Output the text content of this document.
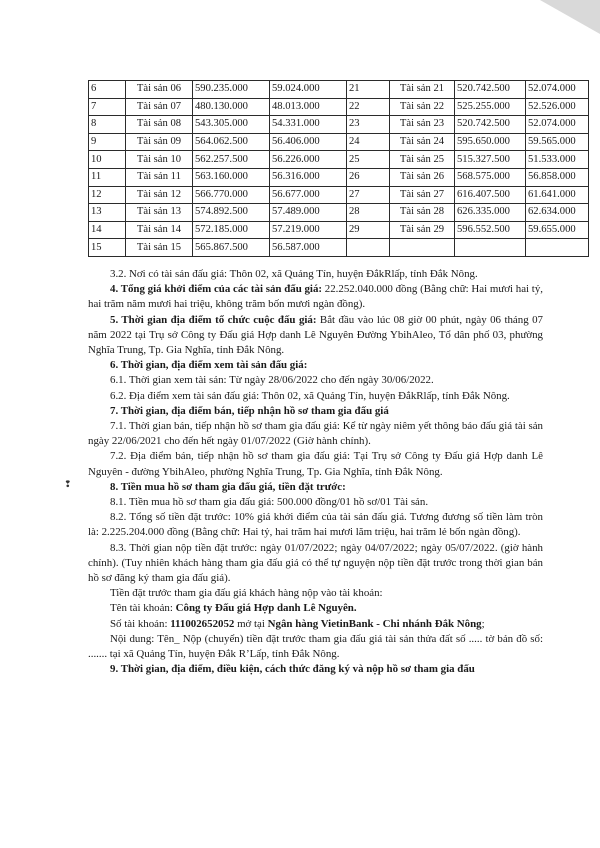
6	Tài sản 06	590.235.000	59.024.000	21	Tài sản 21	520.742.500	52.074.000
7	Tài sản 07	480.130.000	48.013.000	22	Tài sản 22	525.255.000	52.526.000
8	Tài sản 08	543.305.000	54.331.000	23	Tài sản 23	520.742.500	52.074.000
9	Tài sản 09	564.062.500	56.406.000	24	Tài sản 24	595.650.000	59.565.000
10	Tài sản 10	562.257.500	56.226.000	25	Tài sản 25	515.327.500	51.533.000
11	Tài sản 11	563.160.000	56.316.000	26	Tài sản 26	568.575.000	56.858.000
12	Tài sản 12	566.770.000	56.677.000	27	Tài sản 27	616.407.500	61.641.000
13	Tài sản 13	574.892.500	57.489.000	28	Tài sản 28	626.335.000	62.634.000
14	Tài sản 14	572.185.000	57.219.000	29	Tài sản 29	596.552.500	59.655.000
15	Tài sản 15	565.867.500	56.587.000				
❢

3.2. Nơi có tài sản đấu giá: Thôn 02, xã Quảng Tín, huyện ĐắkRlấp, tỉnh Đắk Nông.

4. Tổng giá khởi điểm của các tài sản đấu giá: 22.252.040.000 đồng (Bằng chữ: Hai mươi hai tỷ, hai trăm năm mươi hai triệu, không trăm bốn mươi ngàn đồng).

5. Thời gian địa điểm tổ chức cuộc đấu giá: Bắt đầu vào lúc 08 giờ 00 phút, ngày 06 tháng 07 năm 2022 tại Trụ sở Công ty Đấu giá Hợp danh Lê Nguyên Đường YbihAleo, Tổ dân phố 03, phường Nghĩa Trung, Tp. Gia Nghĩa, tỉnh Đắk Nông.

6. Thời gian, địa điểm xem tài sản đấu giá:

6.1. Thời gian xem tài sản: Từ ngày 28/06/2022 cho đến ngày 30/06/2022.

6.2. Địa điểm xem tài sản đấu giá: Thôn 02, xã Quảng Tín, huyện ĐắkRlấp, tỉnh Đắk Nông.

7. Thời gian, địa điểm bán, tiếp nhận hồ sơ tham gia đấu giá

7.1. Thời gian bán, tiếp nhận hồ sơ tham gia đấu giá: Kể từ ngày niêm yết thông báo đấu giá tài sản ngày 22/06/2021 cho đến hết ngày 01/07/2022 (Giờ hành chính).

7.2. Địa điểm bán, tiếp nhận hồ sơ tham gia đấu giá: Tại Trụ sở Công ty Đấu giá Hợp danh Lê Nguyên - đường YbihAleo, phường Nghĩa Trung, Tp. Gia Nghĩa, tỉnh Đắk Nông.

8. Tiền mua hồ sơ tham gia đấu giá, tiền đặt trước:

8.1. Tiền mua hồ sơ tham gia đấu giá: 500.000 đồng/01 hồ sơ/01 Tài sản.

8.2. Tổng số tiền đặt trước: 10% giá khởi điểm của tài sản đấu giá. Tương đương số tiền làm tròn là: 2.225.204.000 đồng (Bằng chữ: Hai tỷ, hai trăm hai mươi lăm triệu, hai trăm lẻ bốn ngàn đồng).

8.3. Thời gian nộp tiền đặt trước: ngày 01/07/2022; ngày 04/07/2022; ngày 05/07/2022. (giờ hành chính). (Tuy nhiên khách hàng tham gia đấu giá có thể tự nguyện nộp tiền đặt trước trong thời gian bán hồ sơ đăng ký tham gia đấu giá).

Tiền đặt trước tham gia đấu giá khách hàng nộp vào tài khoản:

Tên tài khoản: Công ty Đấu giá Hợp danh Lê Nguyên.

Số tài khoản: 111002652052 mở tại Ngân hàng VietinBank - Chi nhánh Đắk Nông;

Nội dung: Tên_ Nộp (chuyển) tiền đặt trước tham gia đấu giá tài sản thửa đất số ..... tờ bản đồ số: ....... tại xã Quảng Tín, huyện Đắk R’Lấp, tỉnh Đắk Nông.

9. Thời gian, địa điểm, điều kiện, cách thức đăng ký và nộp hồ sơ tham gia đấu
